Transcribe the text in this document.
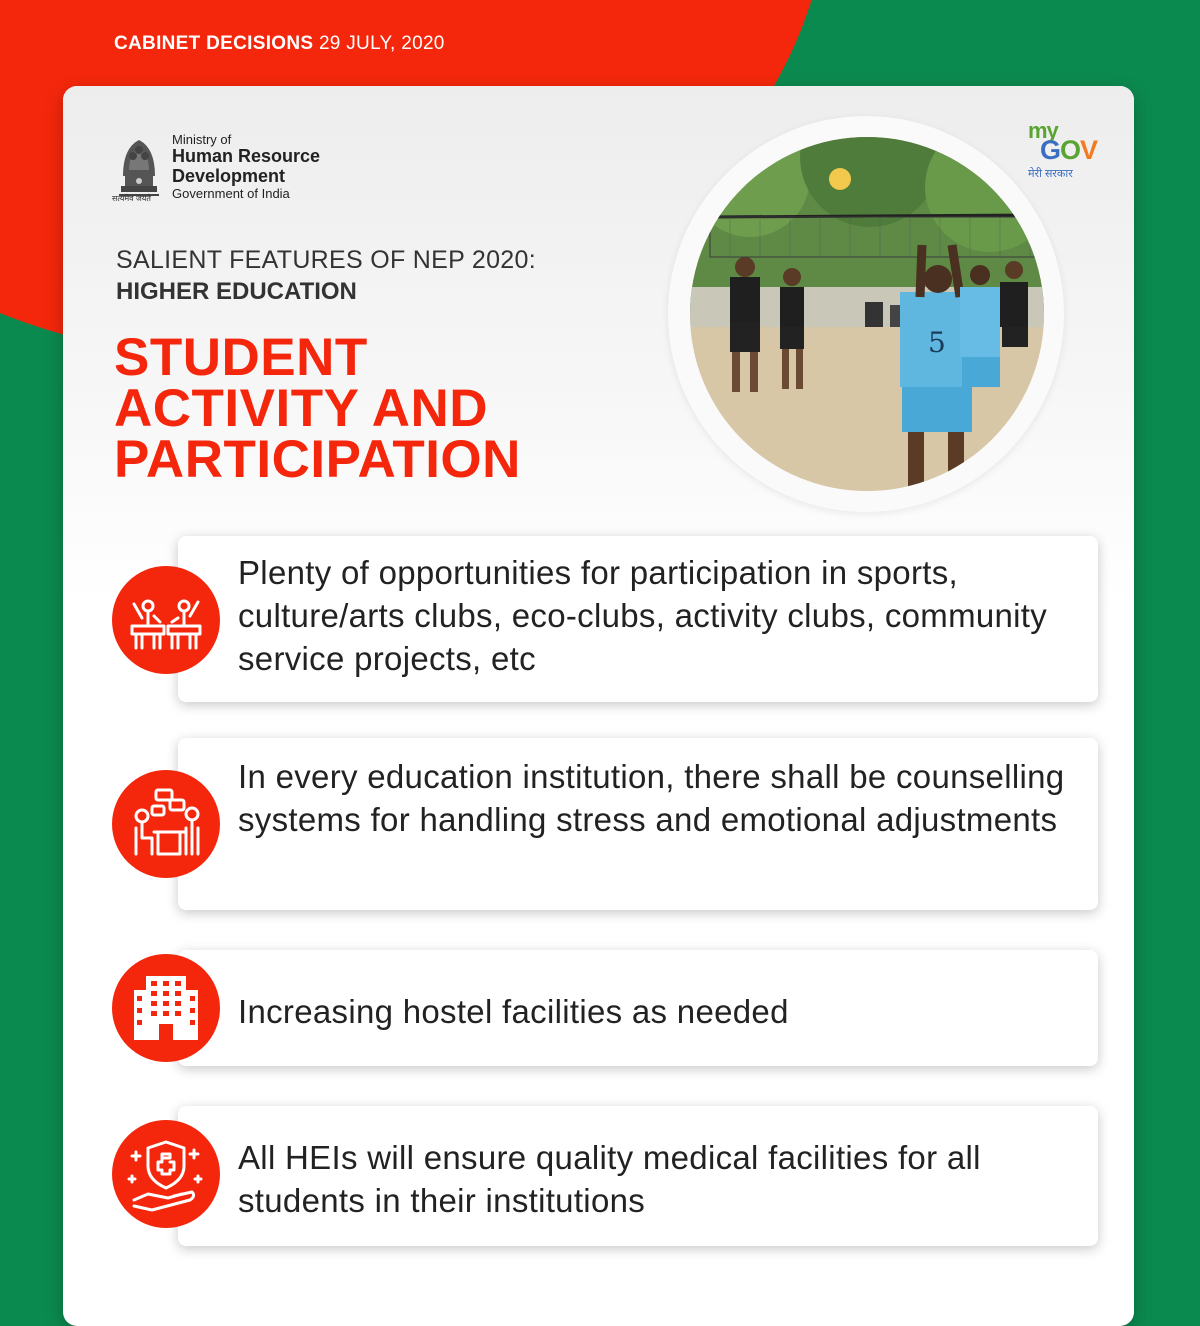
CABINET DECISIONS 29 JULY, 2020
सत्यमेव जयते
Ministry of
Human Resource
Development
Government of India
my
GOV
मेरी सरकार
SALIENT FEATURES OF NEP 2020:
HIGHER EDUCATION
STUDENT
ACTIVITY AND
PARTICIPATION
5
Plenty of opportunities for participation in sports, culture/arts clubs, eco-clubs, activity clubs, community service projects, etc
In every education institution, there shall be counselling systems for handling stress and emotional adjustments
Increasing hostel facilities as needed
All HEIs will ensure quality medical facilities for all students in their institutions
